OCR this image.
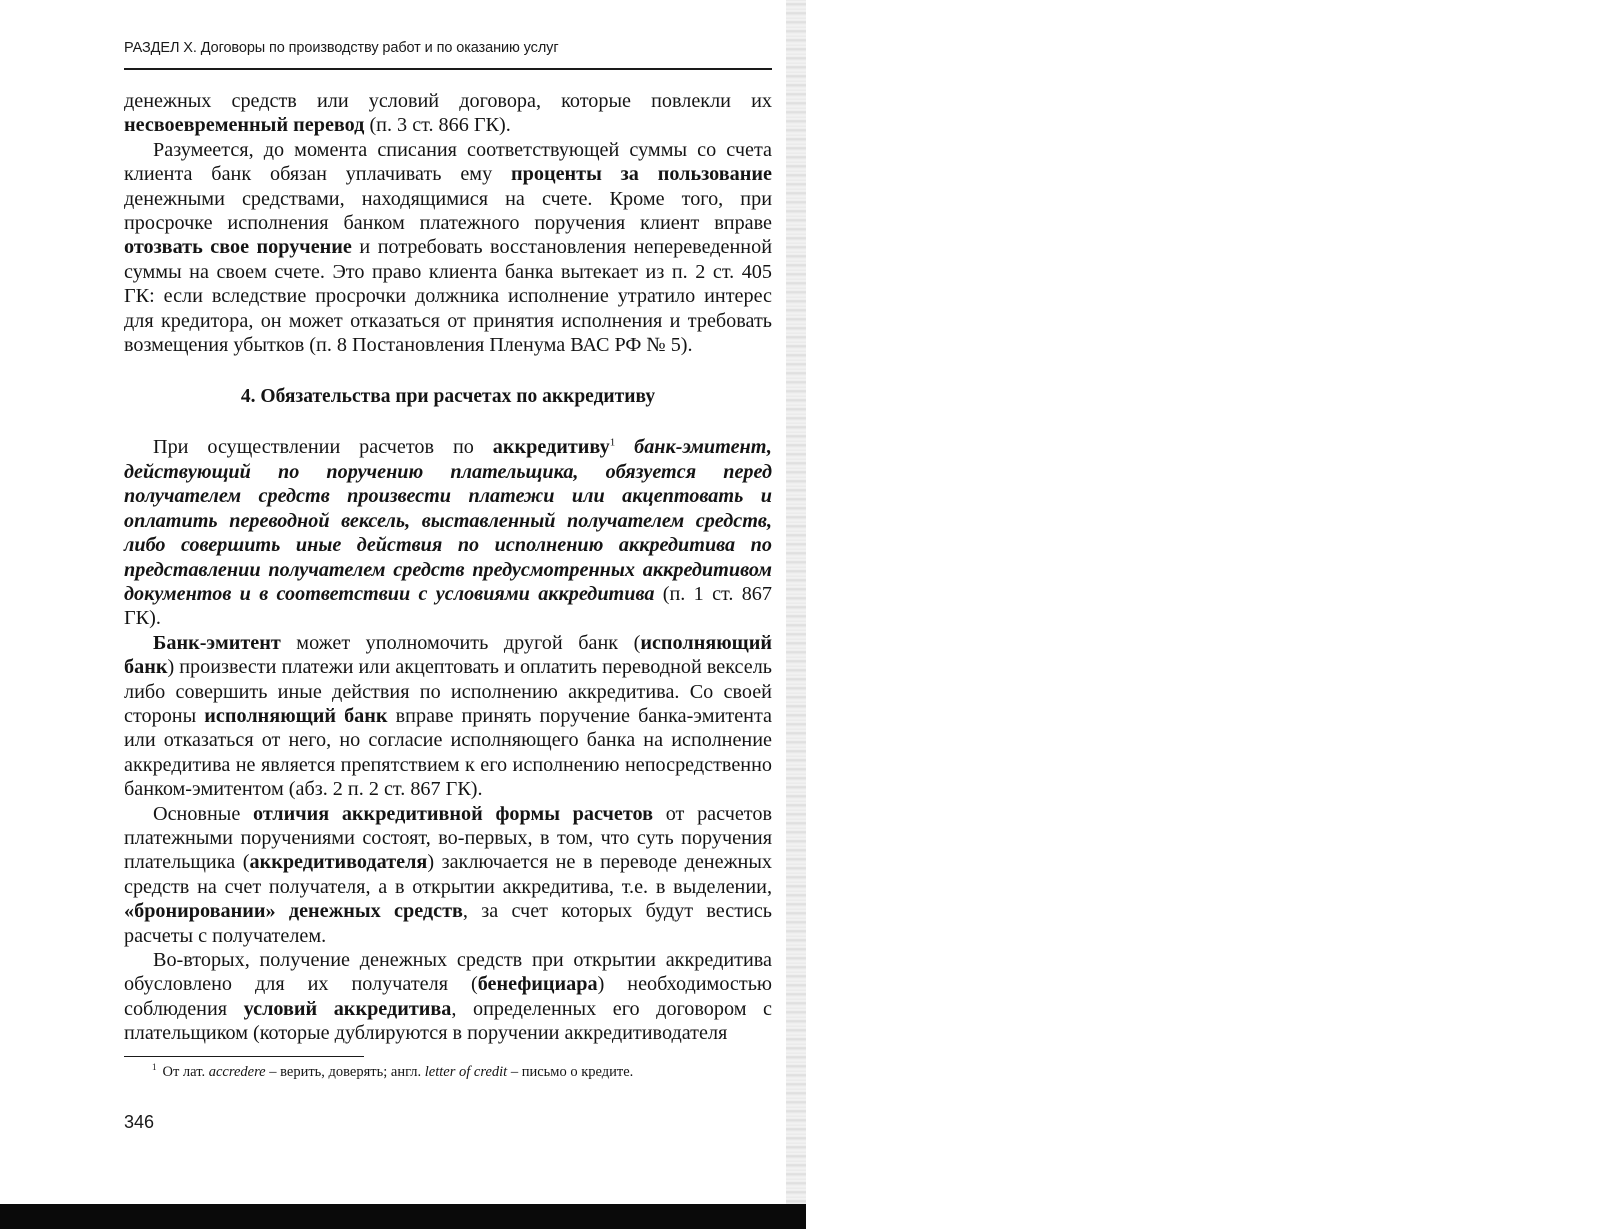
РАЗДЕЛ X. Договоры по производству работ и по оказанию услуг

денежных средств или условий договора, которые повлекли их несвоевременный перевод (п. 3 ст. 866 ГК).

Разумеется, до момента списания соответствующей суммы со счета клиента банк обязан уплачивать ему проценты за пользование денежными средствами, находящимися на счете. Кроме того, при просрочке исполнения банком платежного поручения клиент вправе отозвать свое поручение и потребовать восстановления непереведенной суммы на своем счете. Это право клиента банка вытекает из п. 2 ст. 405 ГК: если вследствие просрочки должника исполнение утратило интерес для кредитора, он может отказаться от принятия исполнения и требовать возмещения убытков (п. 8 Постановления Пленума ВАС РФ № 5).

4. Обязательства при расчетах по аккредитиву

При осуществлении расчетов по аккредитиву$^1$ банк-эмитент, действующий по поручению плательщика, обязуется перед получателем средств произвести платежи или акцептовать и оплатить переводной вексель, выставленный получателем средств, либо совершить иные действия по исполнению аккредитива по представлении получателем средств предусмотренных аккредитивом документов и в соответствии с условиями аккредитива (п. 1 ст. 867 ГК).

Банк-эмитент может уполномочить другой банк (исполняющий банк) произвести платежи или акцептовать и оплатить переводной вексель либо совершить иные действия по исполнению аккредитива. Со своей стороны исполняющий банк вправе принять поручение банка-эмитента или отказаться от него, но согласие исполняющего банка на исполнение аккредитива не является препятствием к его исполнению непосредственно банком-эмитентом (абз. 2 п. 2 ст. 867 ГК).

Основные отличия аккредитивной формы расчетов от расчетов платежными поручениями состоят, во-первых, в том, что суть поручения плательщика (аккредитиводателя) заключается не в переводе денежных средств на счет получателя, а в открытии аккредитива, т.е. в выделении, «бронировании» денежных средств, за счет которых будут вестись расчеты с получателем.

Во-вторых, получение денежных средств при открытии аккредитива обусловлено для их получателя (бенефициара) необходимостью соблюдения условий аккредитива, определенных его договором с плательщиком (которые дублируются в поручении аккредитиводателя

$^1$ От лат. accredere – верить, доверять; англ. letter of credit – письмо о кредите.
346
